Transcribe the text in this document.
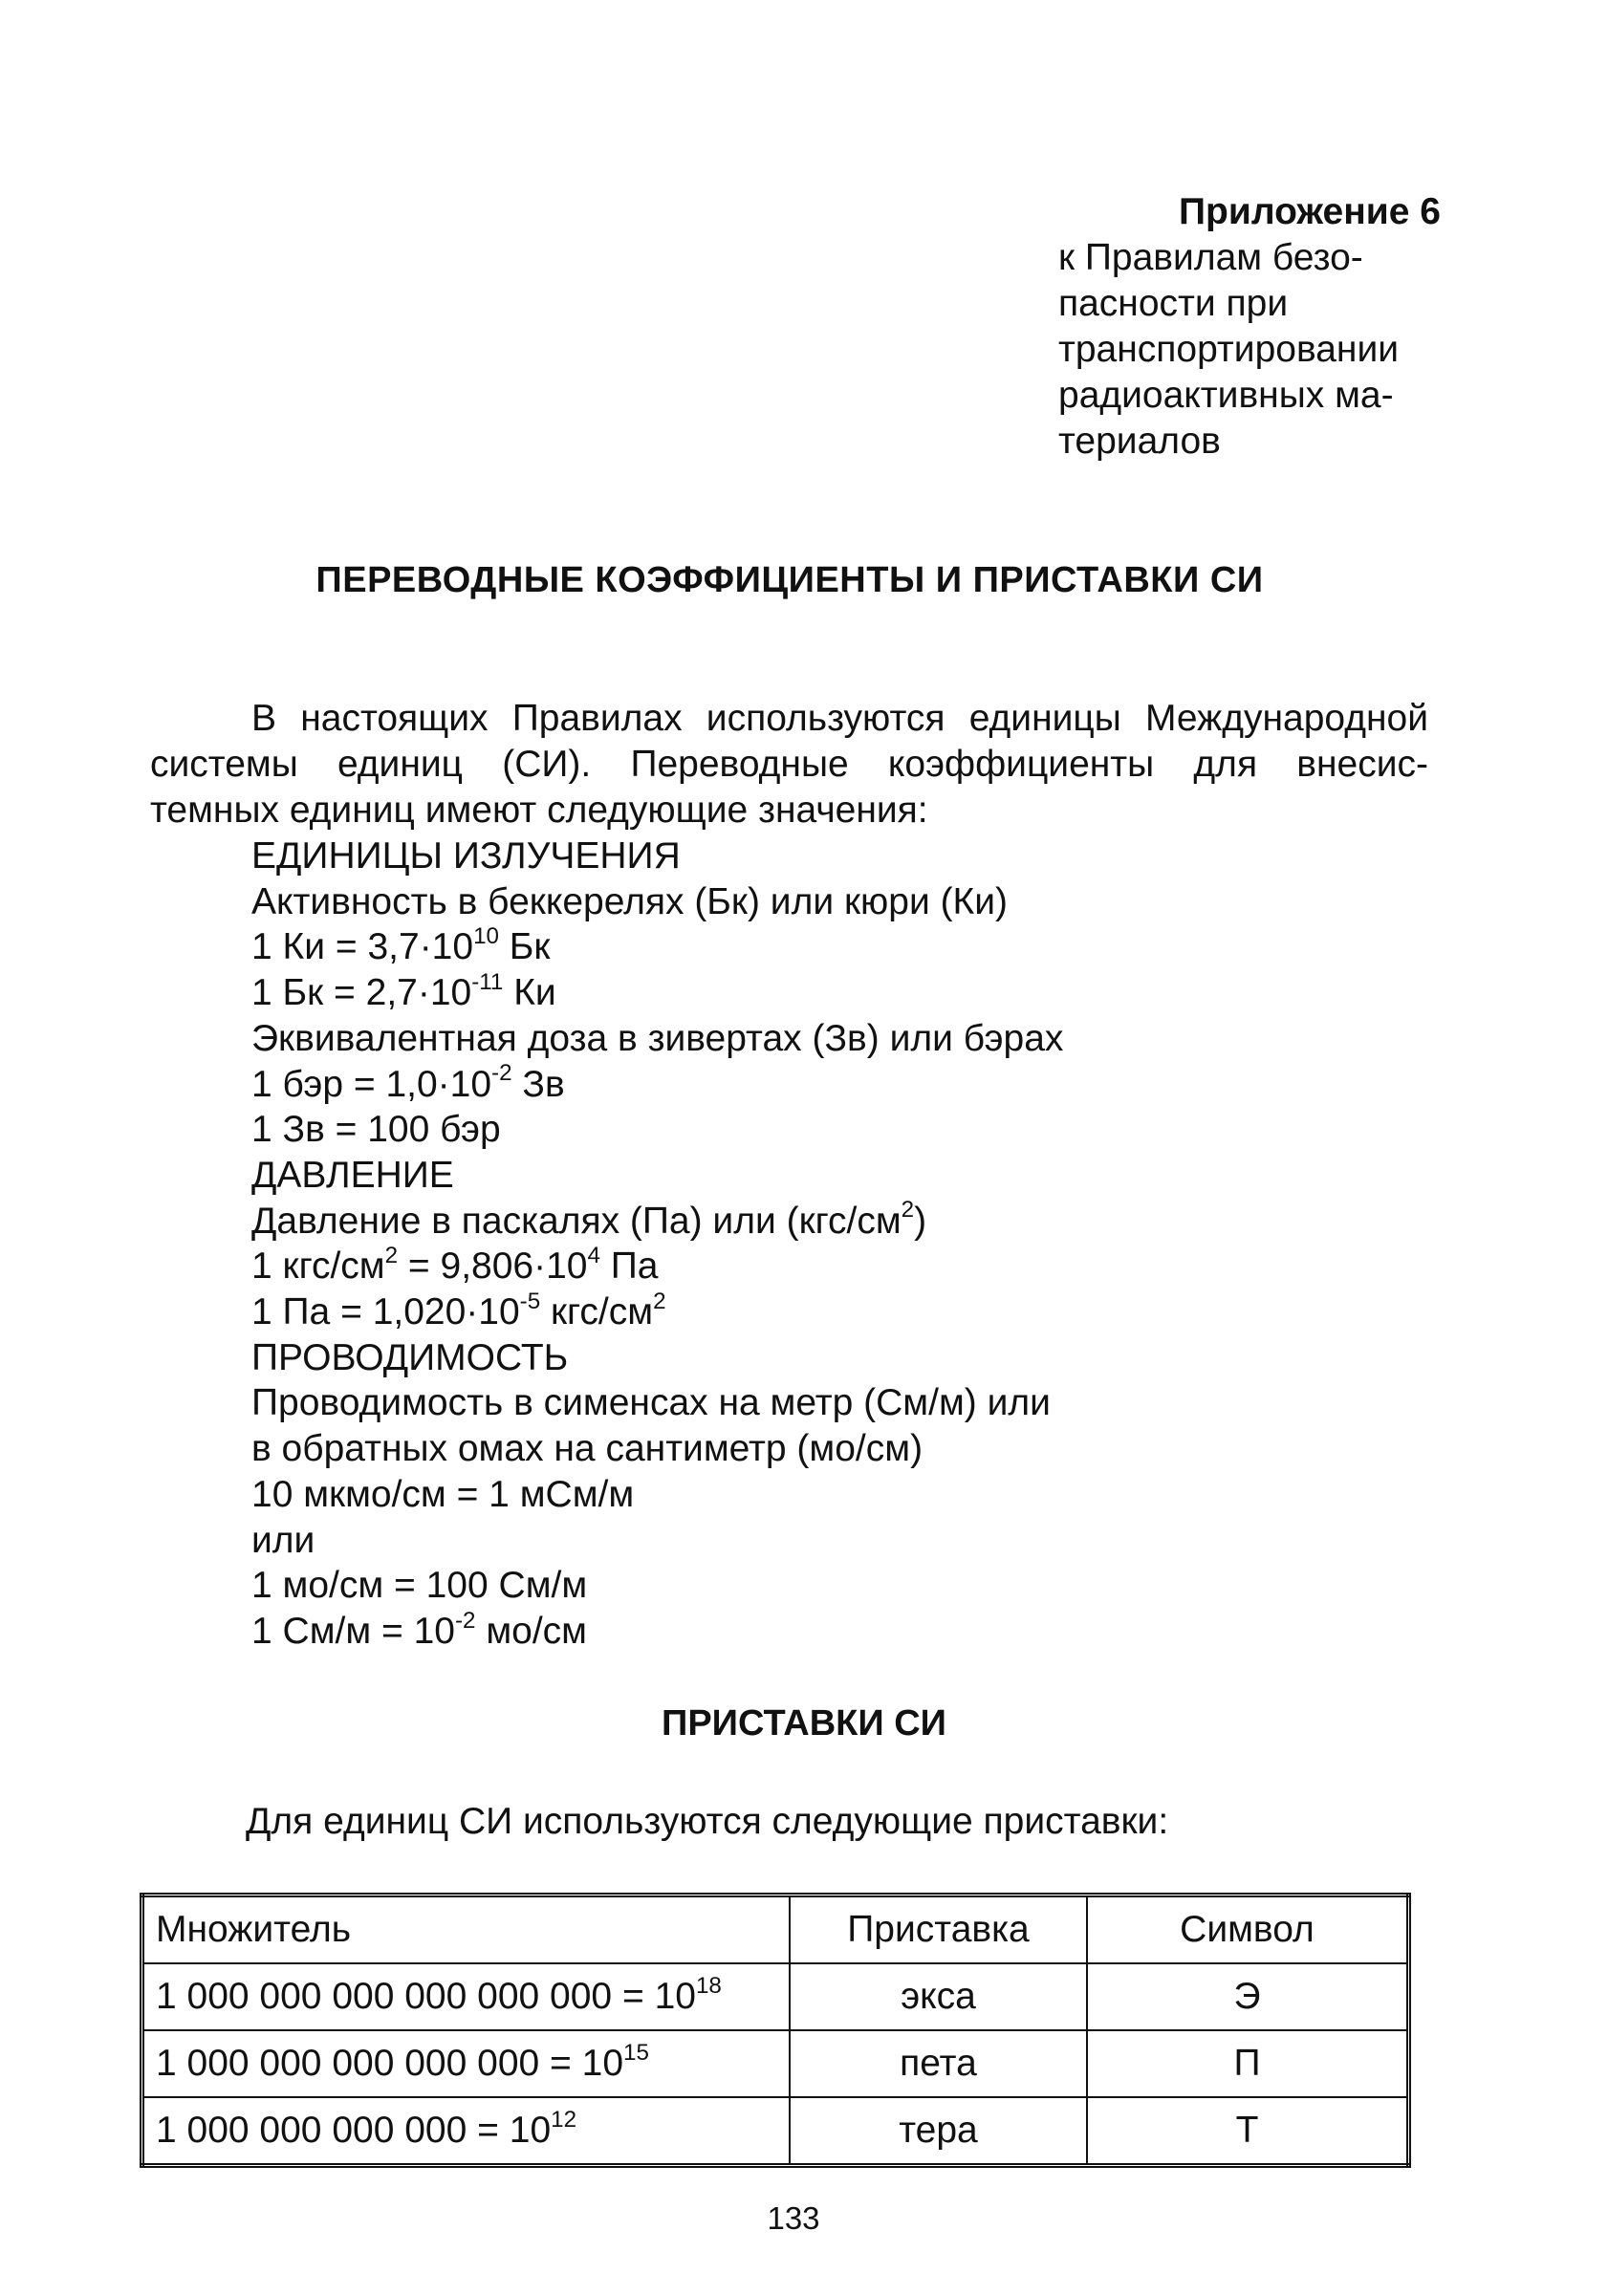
Приложение 6
к Правилам безо-
пасности при
транспортировании
радиоактивных ма-
териалов
ПЕРЕВОДНЫЕ КОЭФФИЦИЕНТЫ И ПРИСТАВКИ СИ
В настоящих Правилах используются единицы Международной
системы единиц (СИ). Переводные коэффициенты для внесис-
темных единиц имеют следующие значения:
ЕДИНИЦЫ ИЗЛУЧЕНИЯ
Активность в беккерелях (Бк) или кюри (Ки)
1 Ки = $3,7\cdot 10^{10}$ Бк
1 Бк = $2,7\cdot 10^{-11}$ Ки
Эквивалентная доза в зивертах (Зв) или бэрах
1 бэр = $1,0\cdot 10^{-2}$ Зв
1 Зв = 100 бэр
ДАВЛЕНИЕ
Давление в паскалях (Па) или $(кгс/см^2)$
1 кгс/$см^2 = 9,806\cdot 10^4$ Па
1 Па = $1,020\cdot 10^{-5}$ кгс/$см^2$
ПРОВОДИМОСТЬ
Проводимость в сименсах на метр (См/м) или
в обратных омах на сантиметр (мо/см)
10 мкмо/см = 1 мСм/м
или
1 мо/см = 100 См/м
1 $См/м = 10^{-2}$ мо/см
ПРИСТАВКИ СИ
Для единиц СИ используются следующие приставки:
Множитель	Приставка	Символ
1 000 000 000 000 000 $000 = 10^{18}$	экса	Э
1 000 000 000 000 $000 = 10^{15}$	пета	П
1 000 000 000 $000 = 10^{12}$	тера	Т
133
